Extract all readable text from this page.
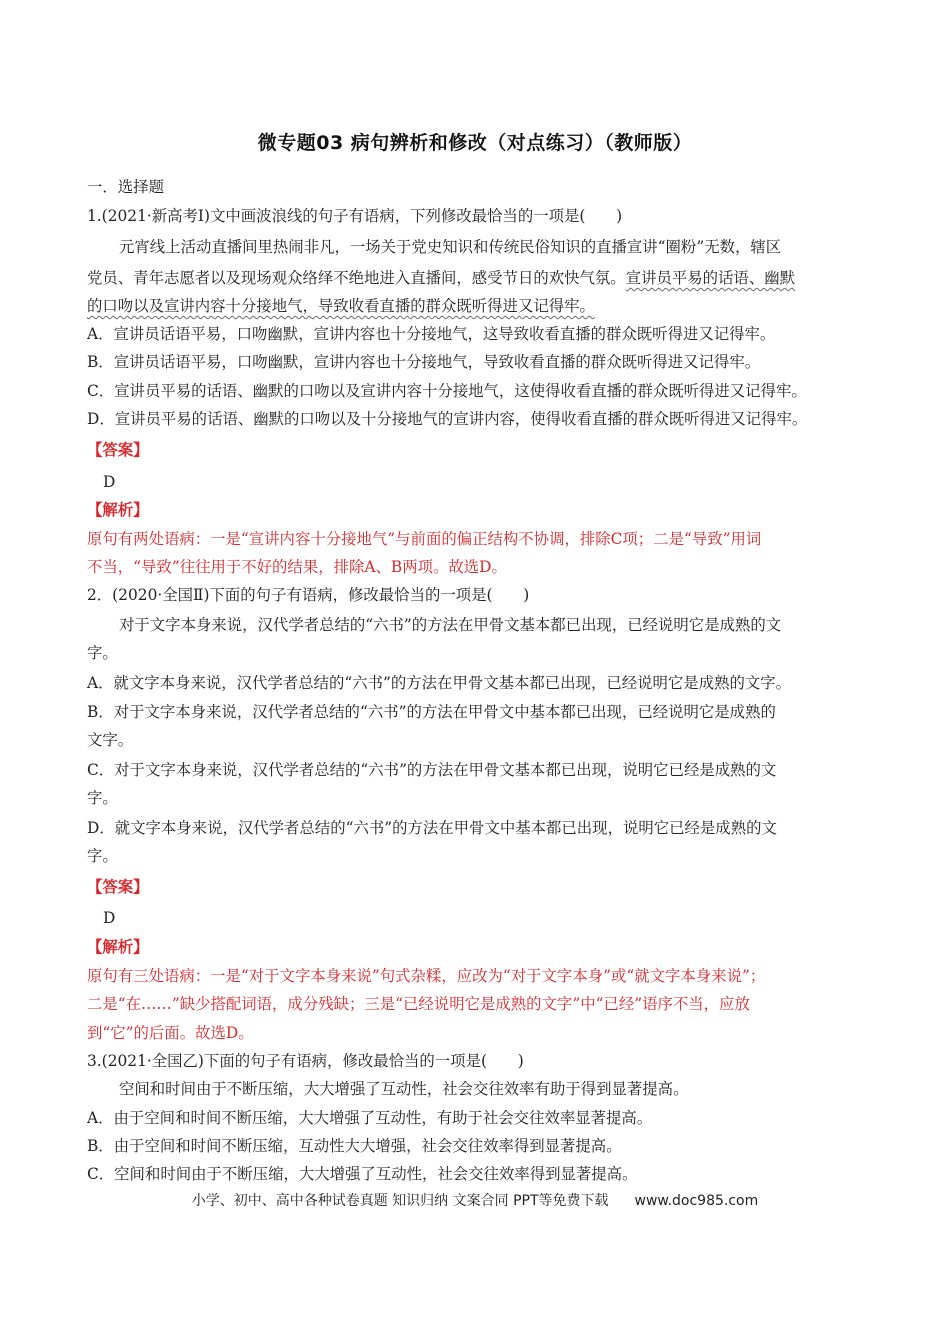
微专题03 病句辨析和修改（对点练习）（教师版）
一．选择题
1.(2021·新高考Ⅰ)文中画波浪线的句子有语病，下列修改最恰当的一项是(　　)
元宵线上活动直播间里热闹非凡，一场关于党史知识和传统民俗知识的直播宣讲“圈粉”无数，辖区
党员、青年志愿者以及现场观众络绎不绝地进入直播间，感受节日的欢快气氛。宣讲员平易的话语、幽默
的口吻以及宣讲内容十分接地气，导致收看直播的群众既听得进又记得牢。
A．宣讲员话语平易，口吻幽默，宣讲内容也十分接地气，这导致收看直播的群众既听得进又记得牢。
B．宣讲员话语平易，口吻幽默，宣讲内容也十分接地气，导致收看直播的群众既听得进又记得牢。
C．宣讲员平易的话语、幽默的口吻以及宣讲内容十分接地气，这使得收看直播的群众既听得进又记得牢。
D．宣讲员平易的话语、幽默的口吻以及十分接地气的宣讲内容，使得收看直播的群众既听得进又记得牢。
【答案】
D
【解析】
原句有两处语病：一是“宣讲内容十分接地气”与前面的偏正结构不协调，排除C项；二是“导致”用词
不当，“导致”往往用于不好的结果，排除A、B两项。故选D。
2．(2020·全国Ⅱ)下面的句子有语病，修改最恰当的一项是(　　)
对于文字本身来说，汉代学者总结的“六书”的方法在甲骨文基本都已出现，已经说明它是成熟的文
字。
A．就文字本身来说，汉代学者总结的“六书”的方法在甲骨文基本都已出现，已经说明它是成熟的文字。
B．对于文字本身来说，汉代学者总结的“六书”的方法在甲骨文中基本都已出现，已经说明它是成熟的
文字。
C．对于文字本身来说，汉代学者总结的“六书”的方法在甲骨文基本都已出现，说明它已经是成熟的文
字。
D．就文字本身来说，汉代学者总结的“六书”的方法在甲骨文中基本都已出现，说明它已经是成熟的文
字。
【答案】
D
【解析】
原句有三处语病：一是“对于文字本身来说”句式杂糅，应改为“对于文字本身”或“就文字本身来说”；
二是“在……”缺少搭配词语，成分残缺；三是“已经说明它是成熟的文字”中“已经”语序不当，应放
到“它”的后面。故选D。
3.(2021·全国乙)下面的句子有语病，修改最恰当的一项是(　　)
空间和时间由于不断压缩，大大增强了互动性，社会交往效率有助于得到显著提高。
A．由于空间和时间不断压缩，大大增强了互动性，有助于社会交往效率显著提高。
B．由于空间和时间不断压缩，互动性大大增强，社会交往效率得到显著提高。
C．空间和时间由于不断压缩，大大增强了互动性，社会交往效率得到显著提高。
小学、初中、高中各种试卷真题 知识归纳 文案合同 PPT等免费下载 www.doc985.com
